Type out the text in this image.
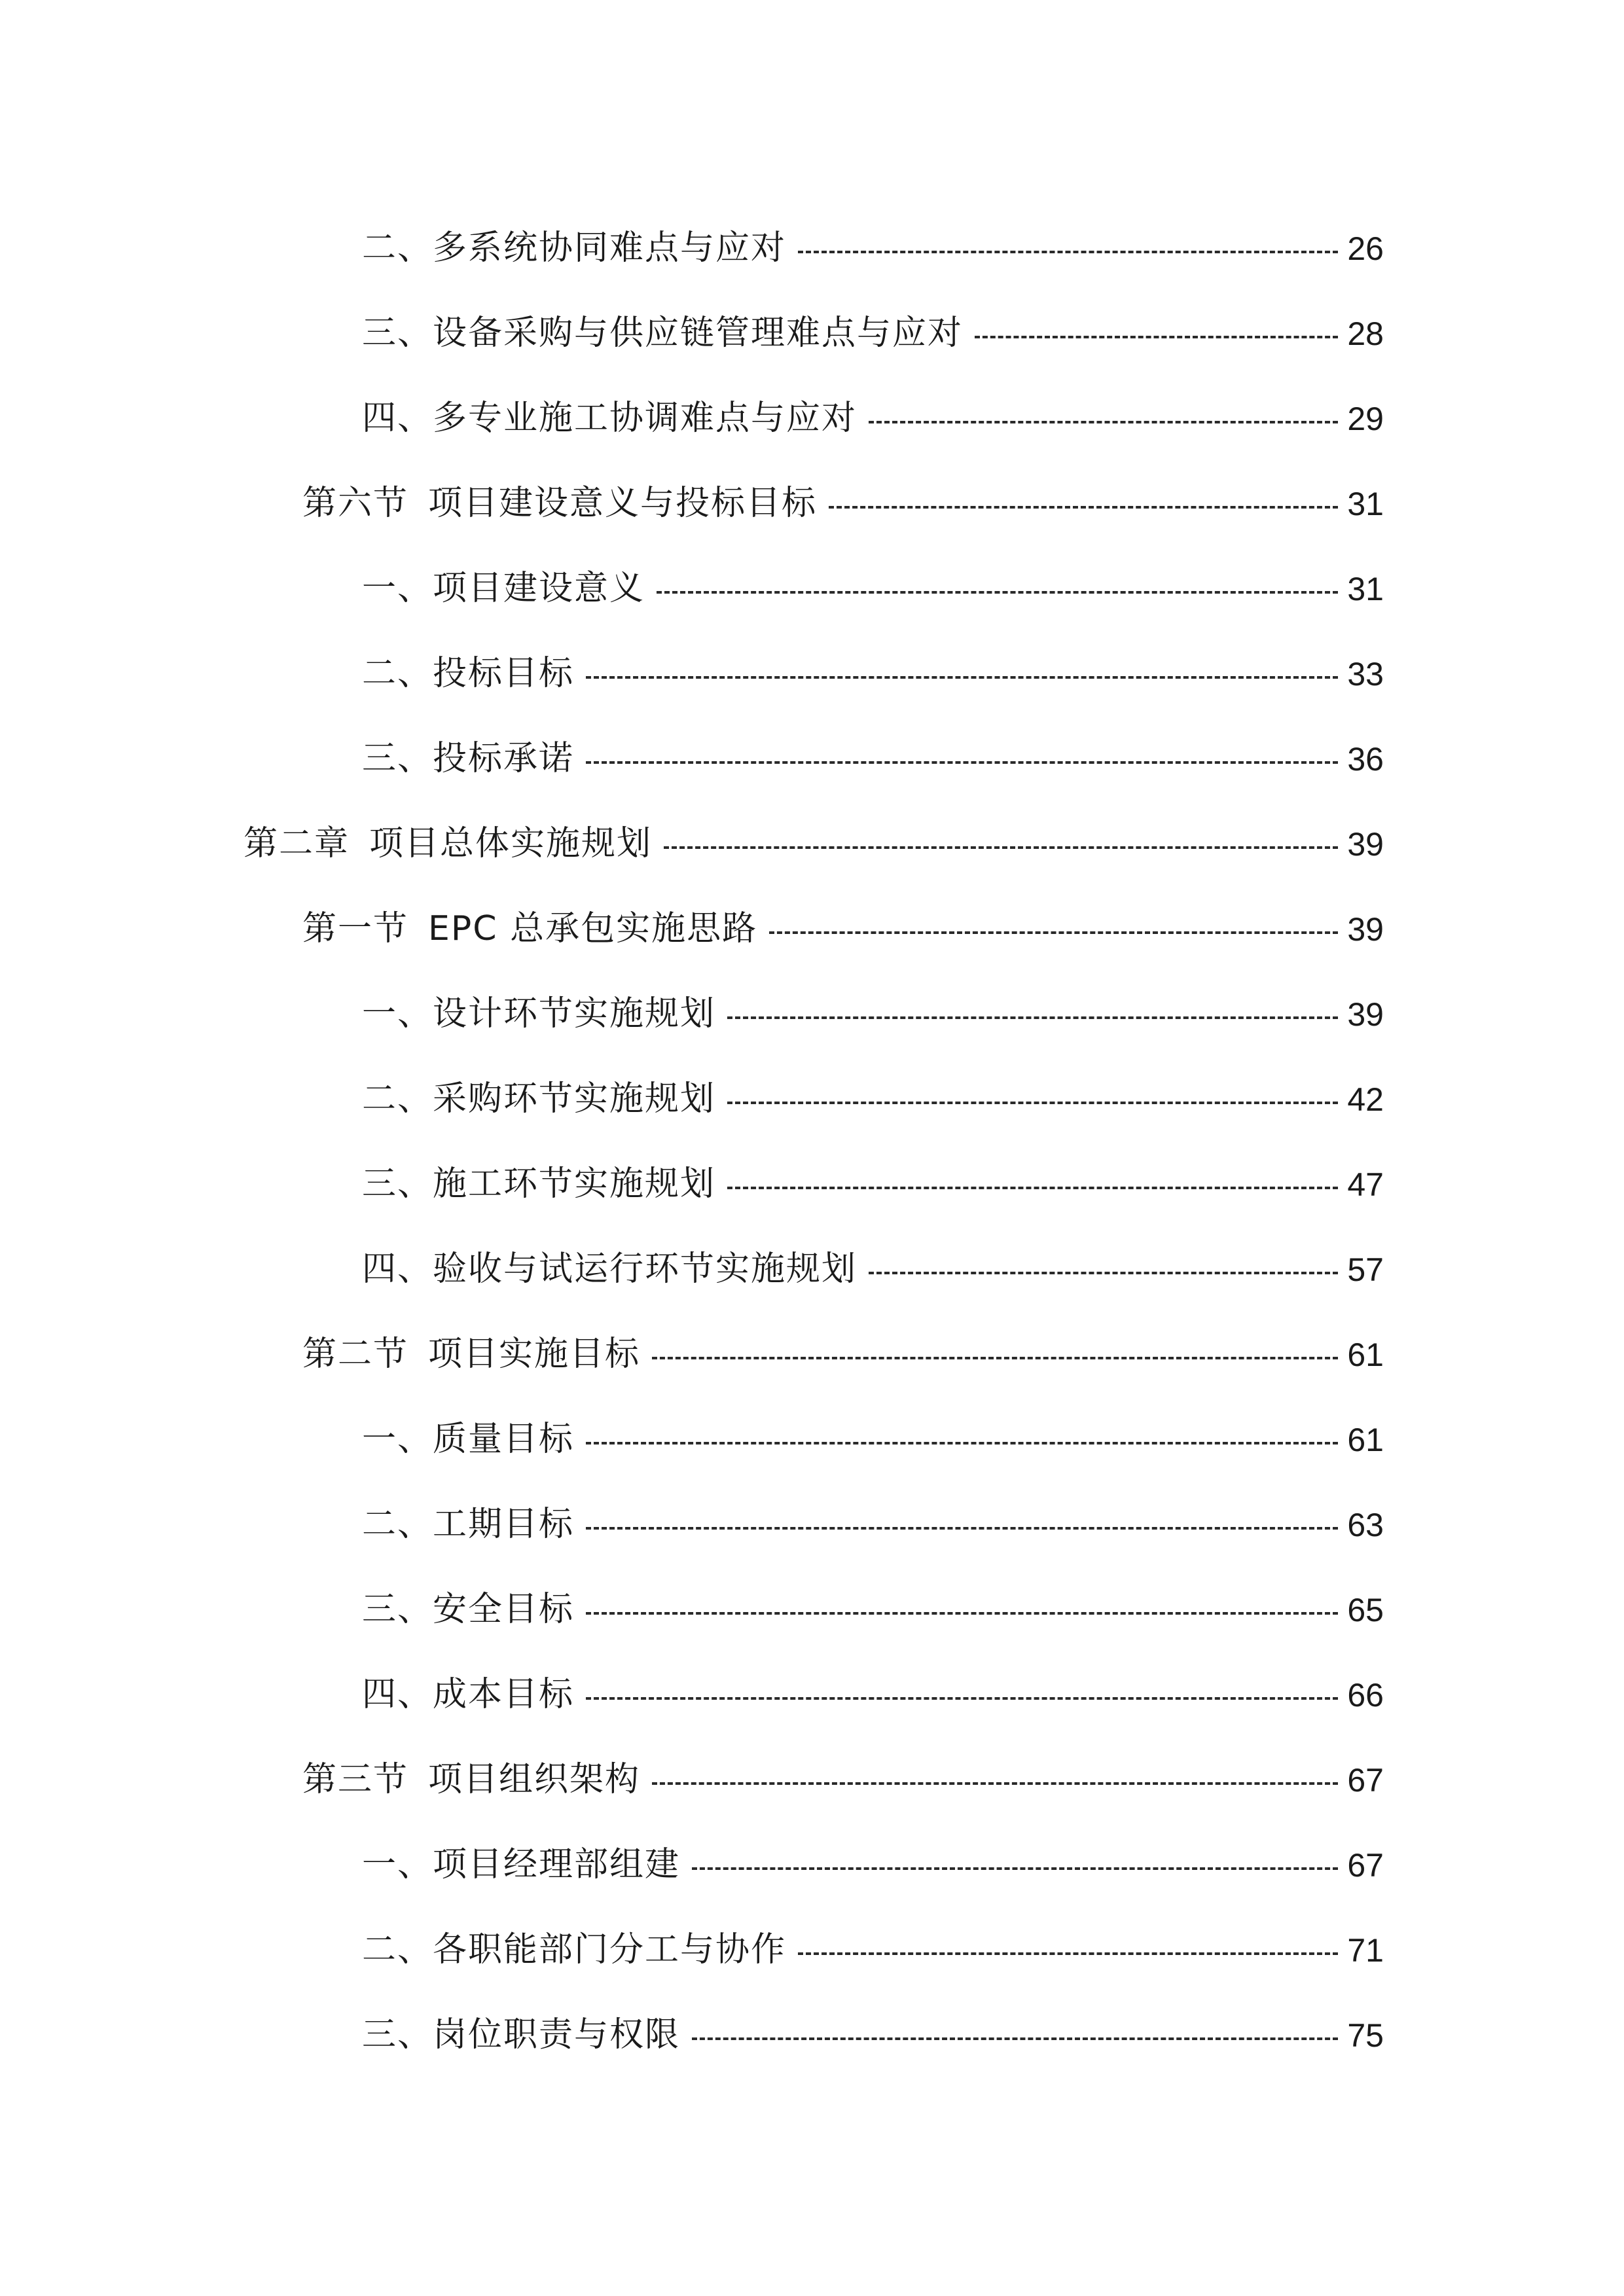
二、多系统协同难点与应对	26
三、设备采购与供应链管理难点与应对	28
四、多专业施工协调难点与应对	29
第六节 项目建设意义与投标目标	31
一、项目建设意义	31
二、投标目标	33
三、投标承诺	36
第二章 项目总体实施规划	39
第一节 EPC 总承包实施思路	39
一、设计环节实施规划	39
二、采购环节实施规划	42
三、施工环节实施规划	47
四、验收与试运行环节实施规划	57
第二节 项目实施目标	61
一、质量目标	61
二、工期目标	63
三、安全目标	65
四、成本目标	66
第三节 项目组织架构	67
一、项目经理部组建	67
二、各职能部门分工与协作	71
三、岗位职责与权限	75
